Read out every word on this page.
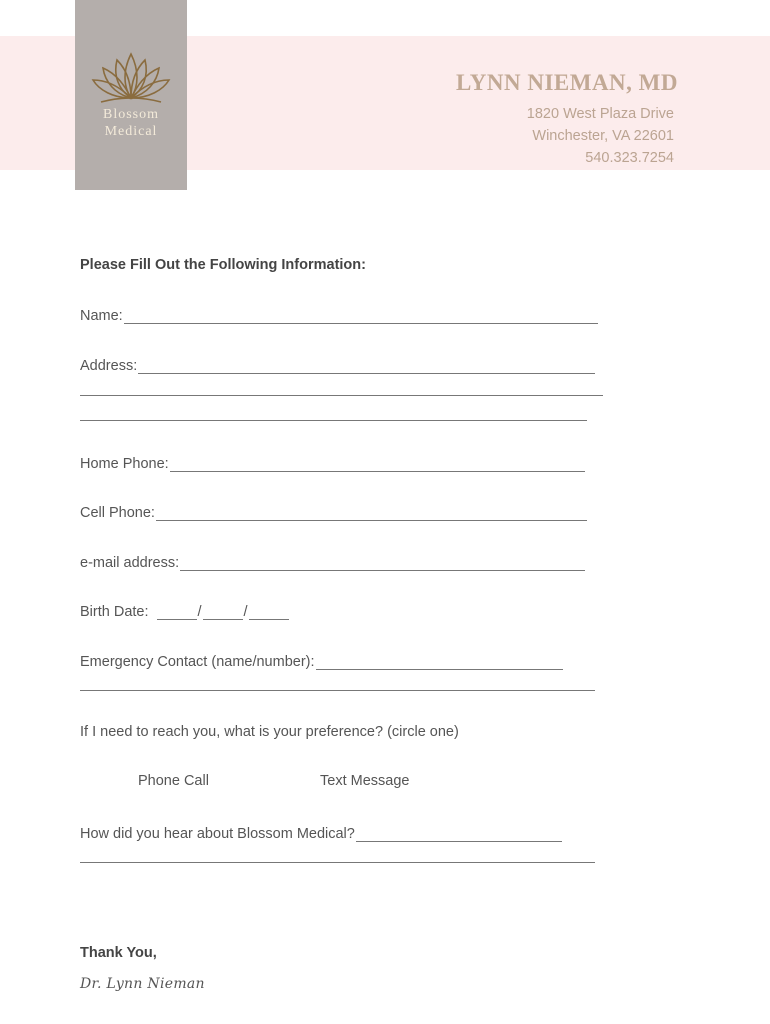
Blossom
Medical
LYNN NIEMAN, MD
1820 West Plaza Drive
Winchester, VA 22601
540.323.7254
Please Fill Out the Following Information:
Name:
Address:
Home Phone:
Cell Phone:
e-mail address:
Birth Date:	/	/
Emergency Contact (name/number):
If I need to reach you, what is your preference? (circle one)
Phone Call	Text Message
How did you hear about Blossom Medical?
Thank You,
Dr. Lynn Nieman
